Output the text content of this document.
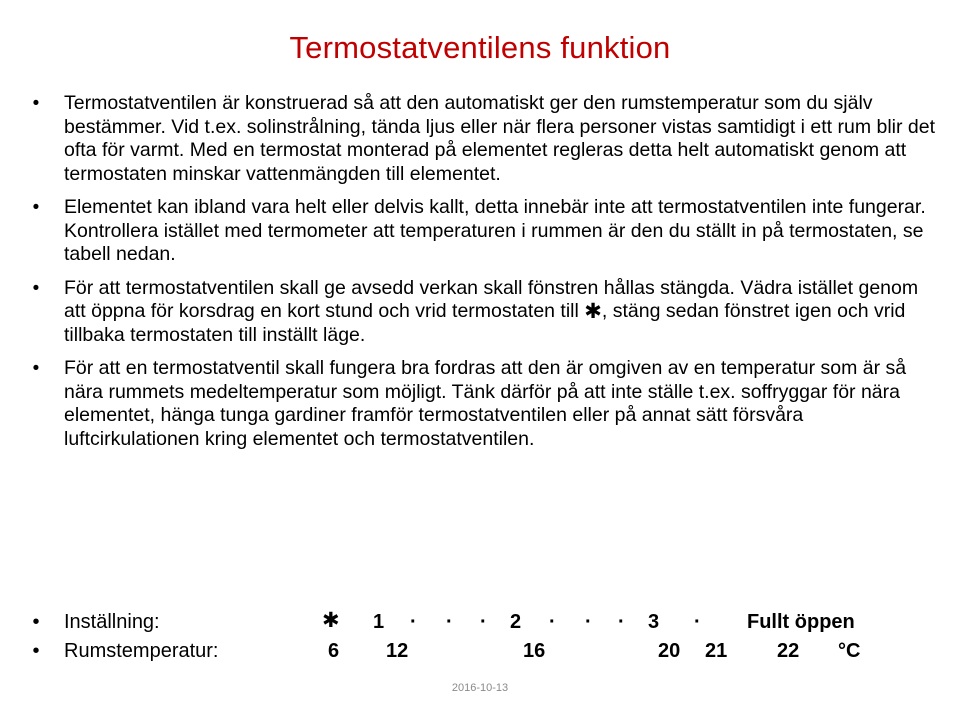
Termostatventilens funktion
• Termostatventilen är konstruerad så att den automatiskt ger den rumstemperatur som du själv bestämmer. Vid t.ex. solinstrålning, tända ljus eller när flera personer vistas samtidigt i ett rum blir det ofta för varmt. Med en termostat monterad på elementet regleras detta helt automatiskt genom att termostaten minskar vattenmängden till elementet.
• Elementet kan ibland vara helt eller delvis kallt, detta innebär inte att termostatventilen inte fungerar. Kontrollera istället med termometer att temperaturen i rummen är den du ställt in på termostaten, se tabell nedan.
• För att termostatventilen skall ge avsedd verkan skall fönstren hållas stängda. Vädra istället genom att öppna för korsdrag en kort stund och vrid termostaten till ✱, stäng sedan fönstret igen och vrid tillbaka termostaten till inställt läge.
• För att en termostatventil skall fungera bra fordras att den är omgiven av en temperatur som är så nära rummets medeltemperatur som möjligt. Tänk därför på att inte ställe t.ex. soffryggar för nära elementet, hänga tunga gardiner framför termostatventilen eller på annat sätt försvåra luftcirkulationen kring elementet och termostatventilen.
• Inställning:	✱ 1 · · · 2 · · · 3 · Fullt öppen
• Rumstemperatur:	6 12	16	20 21 22 °C
2016-10-13
